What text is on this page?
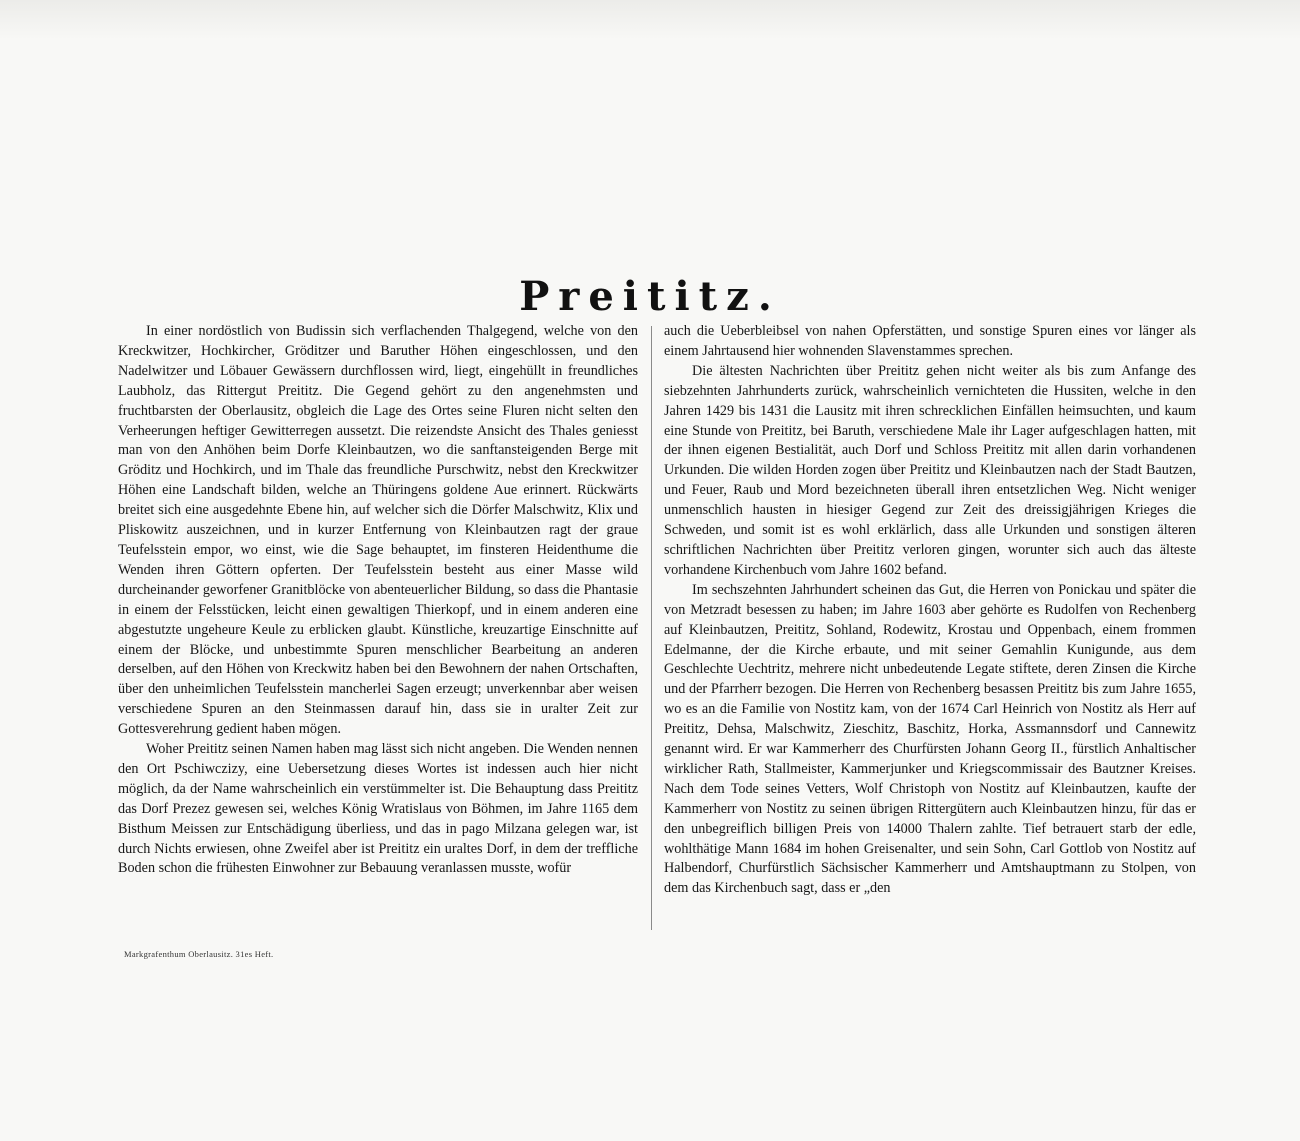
Preititz.

In einer nordöstlich von Budissin sich verflachenden Thalgegend, welche von den Kreckwitzer, Hochkircher, Gröditzer und Baruther Höhen eingeschlossen, und den Nadelwitzer und Löbauer Gewässern durchflossen wird, liegt, eingehüllt in freundliches Laubholz, das Rittergut Preititz. Die Gegend gehört zu den angenehmsten und fruchtbarsten der Oberlausitz, obgleich die Lage des Ortes seine Fluren nicht selten den Verheerungen heftiger Gewitterregen aussetzt. Die reizendste Ansicht des Thales geniesst man von den Anhöhen beim Dorfe Kleinbautzen, wo die sanftansteigenden Berge mit Gröditz und Hochkirch, und im Thale das freundliche Purschwitz, nebst den Kreckwitzer Höhen eine Landschaft bilden, welche an Thüringens goldene Aue erinnert. Rückwärts breitet sich eine ausgedehnte Ebene hin, auf welcher sich die Dörfer Malschwitz, Klix und Pliskowitz auszeichnen, und in kurzer Entfernung von Kleinbautzen ragt der graue Teufelsstein empor, wo einst, wie die Sage behauptet, im finsteren Heidenthume die Wenden ihren Göttern opferten. Der Teufelsstein besteht aus einer Masse wild durcheinander geworfener Granitblöcke von abenteuerlicher Bildung, so dass die Phantasie in einem der Felsstücken, leicht einen gewaltigen Thierkopf, und in einem anderen eine abgestutzte ungeheure Keule zu erblicken glaubt. Künstliche, kreuzartige Einschnitte auf einem der Blöcke, und unbestimmte Spuren menschlicher Bearbeitung an anderen derselben, auf den Höhen von Kreckwitz haben bei den Bewohnern der nahen Ortschaften, über den unheimlichen Teufelsstein mancherlei Sagen erzeugt; unverkennbar aber weisen verschiedene Spuren an den Steinmassen darauf hin, dass sie in uralter Zeit zur Gottesverehrung gedient haben mögen.

Woher Preititz seinen Namen haben mag lässt sich nicht angeben. Die Wenden nennen den Ort Pschiwczizy, eine Uebersetzung dieses Wortes ist indessen auch hier nicht möglich, da der Name wahrscheinlich ein verstümmelter ist. Die Behauptung dass Preititz das Dorf Prezez gewesen sei, welches König Wratislaus von Böhmen, im Jahre 1165 dem Bisthum Meissen zur Entschädigung überliess, und das in pago Milzana gelegen war, ist durch Nichts erwiesen, ohne Zweifel aber ist Preititz ein uraltes Dorf, in dem der treffliche Boden schon die frühesten Einwohner zur Bebauung veranlassen musste, wofür

auch die Ueberbleibsel von nahen Opferstätten, und sonstige Spuren eines vor länger als einem Jahrtausend hier wohnenden Slavenstammes sprechen.

Die ältesten Nachrichten über Preititz gehen nicht weiter als bis zum Anfange des siebzehnten Jahrhunderts zurück, wahrscheinlich vernichteten die Hussiten, welche in den Jahren 1429 bis 1431 die Lausitz mit ihren schrecklichen Einfällen heimsuchten, und kaum eine Stunde von Preititz, bei Baruth, verschiedene Male ihr Lager aufgeschlagen hatten, mit der ihnen eigenen Bestialität, auch Dorf und Schloss Preititz mit allen darin vorhandenen Urkunden. Die wilden Horden zogen über Preititz und Kleinbautzen nach der Stadt Bautzen, und Feuer, Raub und Mord bezeichneten überall ihren entsetzlichen Weg. Nicht weniger unmenschlich hausten in hiesiger Gegend zur Zeit des dreissigjährigen Krieges die Schweden, und somit ist es wohl erklärlich, dass alle Urkunden und sonstigen älteren schriftlichen Nachrichten über Preititz verloren gingen, worunter sich auch das älteste vorhandene Kirchenbuch vom Jahre 1602 befand.

Im sechszehnten Jahrhundert scheinen das Gut, die Herren von Ponickau und später die von Metzradt besessen zu haben; im Jahre 1603 aber gehörte es Rudolfen von Rechenberg auf Kleinbautzen, Preititz, Sohland, Rodewitz, Krostau und Oppenbach, einem frommen Edelmanne, der die Kirche erbaute, und mit seiner Gemahlin Kunigunde, aus dem Geschlechte Uechtritz, mehrere nicht unbedeutende Legate stiftete, deren Zinsen die Kirche und der Pfarrherr bezogen. Die Herren von Rechenberg besassen Preititz bis zum Jahre 1655, wo es an die Familie von Nostitz kam, von der 1674 Carl Heinrich von Nostitz als Herr auf Preititz, Dehsa, Malschwitz, Zieschitz, Baschitz, Horka, Assmannsdorf und Cannewitz genannt wird. Er war Kammerherr des Churfürsten Johann Georg II., fürstlich Anhaltischer wirklicher Rath, Stallmeister, Kammerjunker und Kriegscommissair des Bautzner Kreises. Nach dem Tode seines Vetters, Wolf Christoph von Nostitz auf Kleinbautzen, kaufte der Kammerherr von Nostitz zu seinen übrigen Rittergütern auch Kleinbautzen hinzu, für das er den unbegreiflich billigen Preis von 14000 Thalern zahlte. Tief betrauert starb der edle, wohlthätige Mann 1684 im hohen Greisenalter, und sein Sohn, Carl Gottlob von Nostitz auf Halbendorf, Churfürstlich Sächsischer Kammerherr und Amtshauptmann zu Stolpen, von dem das Kirchenbuch sagt, dass er „den

Markgrafenthum Oberlausitz. 31es Heft.
